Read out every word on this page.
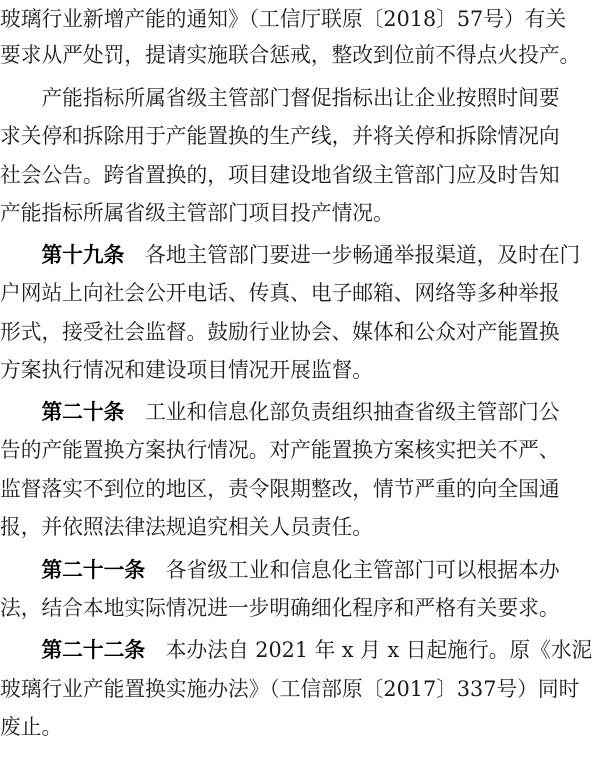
玻璃行业新增产能的通知》（工信厅联原〔2018〕57号）有关
要求从严处罚，提请实施联合惩戒，整改到位前不得点火投产。
　　产能指标所属省级主管部门督促指标出让企业按照时间要
求关停和拆除用于产能置换的生产线，并将关停和拆除情况向
社会公告。跨省置换的，项目建设地省级主管部门应及时告知
产能指标所属省级主管部门项目投产情况。
　　第十九条　各地主管部门要进一步畅通举报渠道，及时在门
户网站上向社会公开电话、传真、电子邮箱、网络等多种举报
形式，接受社会监督。鼓励行业协会、媒体和公众对产能置换
方案执行情况和建设项目情况开展监督。
　　第二十条　工业和信息化部负责组织抽查省级主管部门公
告的产能置换方案执行情况。对产能置换方案核实把关不严、
监督落实不到位的地区，责令限期整改，情节严重的向全国通
报，并依照法律法规追究相关人员责任。
　　第二十一条　各省级工业和信息化主管部门可以根据本办
法，结合本地实际情况进一步明确细化程序和严格有关要求。
　　第二十二条　本办法自 2021 年 x 月 x 日起施行。原《水泥
玻璃行业产能置换实施办法》（工信部原〔2017〕337号）同时
废止。
